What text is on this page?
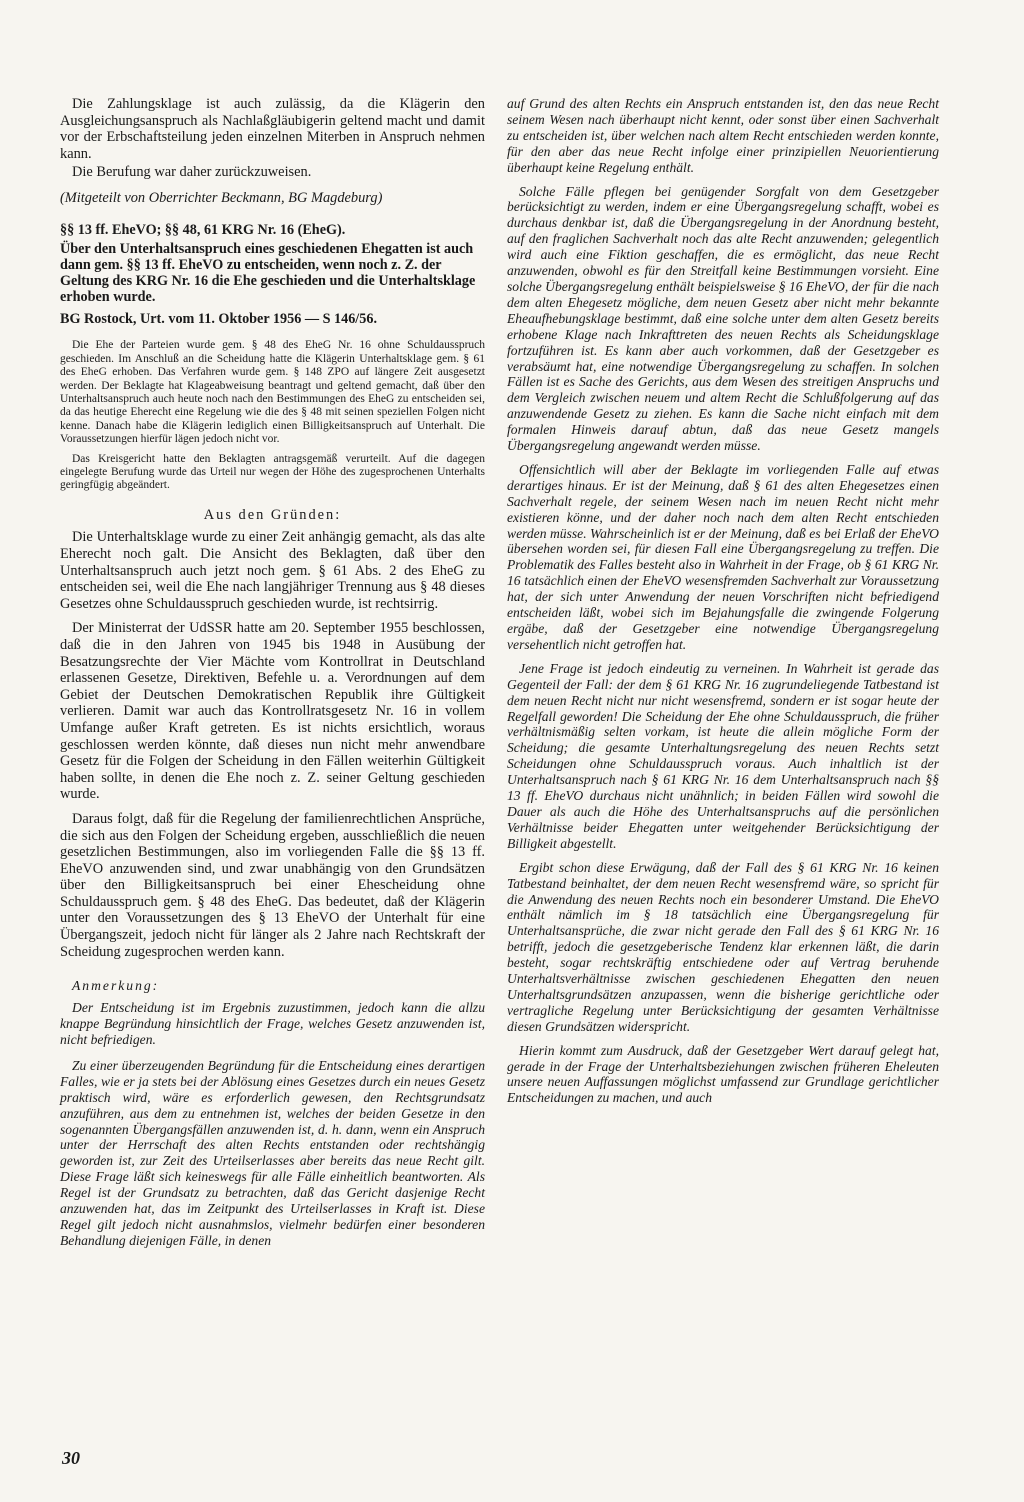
Die Zahlungsklage ist auch zulässig, da die Klägerin den Ausgleichungsanspruch als Nachlaßgläubigerin geltend macht und damit vor der Erbschaftsteilung jeden einzelnen Miterben in Anspruch nehmen kann.

Die Berufung war daher zurückzuweisen.

(Mitgeteilt von Oberrichter Beckmann, BG Magdeburg)

§§ 13 ff. EheVO; §§ 48, 61 KRG Nr. 16 (EheG).

Über den Unterhaltsanspruch eines geschiedenen Ehegatten ist auch dann gem. §§ 13 ff. EheVO zu entscheiden, wenn noch z. Z. der Geltung des KRG Nr. 16 die Ehe geschieden und die Unterhaltsklage erhoben wurde.

BG Rostock, Urt. vom 11. Oktober 1956 — S 146/56.

Die Ehe der Parteien wurde gem. § 48 des EheG Nr. 16 ohne Schuldausspruch geschieden. Im Anschluß an die Scheidung hatte die Klägerin Unterhaltsklage gem. § 61 des EheG erhoben. Das Verfahren wurde gem. § 148 ZPO auf längere Zeit ausgesetzt werden. Der Beklagte hat Klageabweisung beantragt und geltend gemacht, daß über den Unterhaltsanspruch auch heute noch nach den Bestimmungen des EheG zu entscheiden sei, da das heutige Eherecht eine Regelung wie die des § 48 mit seinen speziellen Folgen nicht kenne. Danach habe die Klägerin lediglich einen Billigkeitsanspruch auf Unterhalt. Die Voraussetzungen hierfür lägen jedoch nicht vor.

Das Kreisgericht hatte den Beklagten antragsgemäß verurteilt. Auf die dagegen eingelegte Berufung wurde das Urteil nur wegen der Höhe des zugesprochenen Unterhalts geringfügig abgeändert.

Aus den Gründen:

Die Unterhaltsklage wurde zu einer Zeit anhängig gemacht, als das alte Eherecht noch galt. Die Ansicht des Beklagten, daß über den Unterhaltsanspruch auch jetzt noch gem. § 61 Abs. 2 des EheG zu entscheiden sei, weil die Ehe nach langjähriger Trennung aus § 48 dieses Gesetzes ohne Schuldausspruch geschieden wurde, ist rechtsirrig.

Der Ministerrat der UdSSR hatte am 20. September 1955 beschlossen, daß die in den Jahren von 1945 bis 1948 in Ausübung der Besatzungsrechte der Vier Mächte vom Kontrollrat in Deutschland erlassenen Gesetze, Direktiven, Befehle u. a. Verordnungen auf dem Gebiet der Deutschen Demokratischen Republik ihre Gültigkeit verlieren. Damit war auch das Kontrollratsgesetz Nr. 16 in vollem Umfange außer Kraft getreten. Es ist nichts ersichtlich, woraus geschlossen werden könnte, daß dieses nun nicht mehr anwendbare Gesetz für die Folgen der Scheidung in den Fällen weiterhin Gültigkeit haben sollte, in denen die Ehe noch z. Z. seiner Geltung geschieden wurde.

Daraus folgt, daß für die Regelung der familienrechtlichen Ansprüche, die sich aus den Folgen der Scheidung ergeben, ausschließlich die neuen gesetzlichen Bestimmungen, also im vorliegenden Falle die §§ 13 ff. EheVO anzuwenden sind, und zwar unabhängig von den Grundsätzen über den Billigkeitsanspruch bei einer Ehescheidung ohne Schuldausspruch gem. § 48 des EheG. Das bedeutet, daß der Klägerin unter den Voraussetzungen des § 13 EheVO der Unterhalt für eine Übergangszeit, jedoch nicht für länger als 2 Jahre nach Rechtskraft der Scheidung zugesprochen werden kann.

Anmerkung:

Der Entscheidung ist im Ergebnis zuzustimmen, jedoch kann die allzu knappe Begründung hinsichtlich der Frage, welches Gesetz anzuwenden ist, nicht befriedigen.

Zu einer überzeugenden Begründung für die Entscheidung eines derartigen Falles, wie er ja stets bei der Ablösung eines Gesetzes durch ein neues Gesetz praktisch wird, wäre es erforderlich gewesen, den Rechtsgrundsatz anzuführen, aus dem zu entnehmen ist, welches der beiden Gesetze in den sogenannten Übergangsfällen anzuwenden ist, d. h. dann, wenn ein Anspruch unter der Herrschaft des alten Rechts entstanden oder rechtshängig geworden ist, zur Zeit des Urteilserlasses aber bereits das neue Recht gilt. Diese Frage läßt sich keineswegs für alle Fälle einheitlich beantworten. Als Regel ist der Grundsatz zu betrachten, daß das Gericht dasjenige Recht anzuwenden hat, das im Zeitpunkt des Urteilserlasses in Kraft ist. Diese Regel gilt jedoch nicht ausnahmslos, vielmehr bedürfen einer besonderen Behandlung diejenigen Fälle, in denen

auf Grund des alten Rechts ein Anspruch entstanden ist, den das neue Recht seinem Wesen nach überhaupt nicht kennt, oder sonst über einen Sachverhalt zu entscheiden ist, über welchen nach altem Recht entschieden werden konnte, für den aber das neue Recht infolge einer prinzipiellen Neuorientierung überhaupt keine Regelung enthält.

Solche Fälle pflegen bei genügender Sorgfalt von dem Gesetzgeber berücksichtigt zu werden, indem er eine Übergangsregelung schafft, wobei es durchaus denkbar ist, daß die Übergangsregelung in der Anordnung besteht, auf den fraglichen Sachverhalt noch das alte Recht anzuwenden; gelegentlich wird auch eine Fiktion geschaffen, die es ermöglicht, das neue Recht anzuwenden, obwohl es für den Streitfall keine Bestimmungen vorsieht. Eine solche Übergangsregelung enthält beispielsweise § 16 EheVO, der für die nach dem alten Ehegesetz mögliche, dem neuen Gesetz aber nicht mehr bekannte Eheaufhebungsklage bestimmt, daß eine solche unter dem alten Gesetz bereits erhobene Klage nach Inkrafttreten des neuen Rechts als Scheidungsklage fortzuführen ist. Es kann aber auch vorkommen, daß der Gesetzgeber es verabsäumt hat, eine notwendige Übergangsregelung zu schaffen. In solchen Fällen ist es Sache des Gerichts, aus dem Wesen des streitigen Anspruchs und dem Vergleich zwischen neuem und altem Recht die Schlußfolgerung auf das anzuwendende Gesetz zu ziehen. Es kann die Sache nicht einfach mit dem formalen Hinweis darauf abtun, daß das neue Gesetz mangels Übergangsregelung angewandt werden müsse.

Offensichtlich will aber der Beklagte im vorliegenden Falle auf etwas derartiges hinaus. Er ist der Meinung, daß § 61 des alten Ehegesetzes einen Sachverhalt regele, der seinem Wesen nach im neuen Recht nicht mehr existieren könne, und der daher noch nach dem alten Recht entschieden werden müsse. Wahrscheinlich ist er der Meinung, daß es bei Erlaß der EheVO übersehen worden sei, für diesen Fall eine Übergangsregelung zu treffen. Die Problematik des Falles besteht also in Wahrheit in der Frage, ob § 61 KRG Nr. 16 tatsächlich einen der EheVO wesensfremden Sachverhalt zur Voraussetzung hat, der sich unter Anwendung der neuen Vorschriften nicht befriedigend entscheiden läßt, wobei sich im Bejahungsfalle die zwingende Folgerung ergäbe, daß der Gesetzgeber eine notwendige Übergangsregelung versehentlich nicht getroffen hat.

Jene Frage ist jedoch eindeutig zu verneinen. In Wahrheit ist gerade das Gegenteil der Fall: der dem § 61 KRG Nr. 16 zugrundeliegende Tatbestand ist dem neuen Recht nicht nur nicht wesensfremd, sondern er ist sogar heute der Regelfall geworden! Die Scheidung der Ehe ohne Schuldausspruch, die früher verhältnismäßig selten vorkam, ist heute die allein mögliche Form der Scheidung; die gesamte Unterhaltungsregelung des neuen Rechts setzt Scheidungen ohne Schuldausspruch voraus. Auch inhaltlich ist der Unterhaltsanspruch nach § 61 KRG Nr. 16 dem Unterhaltsanspruch nach §§ 13 ff. EheVO durchaus nicht unähnlich; in beiden Fällen wird sowohl die Dauer als auch die Höhe des Unterhaltsanspruchs auf die persönlichen Verhältnisse beider Ehegatten unter weitgehender Berücksichtigung der Billigkeit abgestellt.

Ergibt schon diese Erwägung, daß der Fall des § 61 KRG Nr. 16 keinen Tatbestand beinhaltet, der dem neuen Recht wesensfremd wäre, so spricht für die Anwendung des neuen Rechts noch ein besonderer Umstand. Die EheVO enthält nämlich im § 18 tatsächlich eine Übergangsregelung für Unterhaltsansprüche, die zwar nicht gerade den Fall des § 61 KRG Nr. 16 betrifft, jedoch die gesetzgeberische Tendenz klar erkennen läßt, die darin besteht, sogar rechtskräftig entschiedene oder auf Vertrag beruhende Unterhaltsverhältnisse zwischen geschiedenen Ehegatten den neuen Unterhaltsgrundsätzen anzupassen, wenn die bisherige gerichtliche oder vertragliche Regelung unter Berücksichtigung der gesamten Verhältnisse diesen Grundsätzen widerspricht.

Hierin kommt zum Ausdruck, daß der Gesetzgeber Wert darauf gelegt hat, gerade in der Frage der Unterhaltsbeziehungen zwischen früheren Eheleuten unsere neuen Auffassungen möglichst umfassend zur Grundlage gerichtlicher Entscheidungen zu machen, und auch

30
